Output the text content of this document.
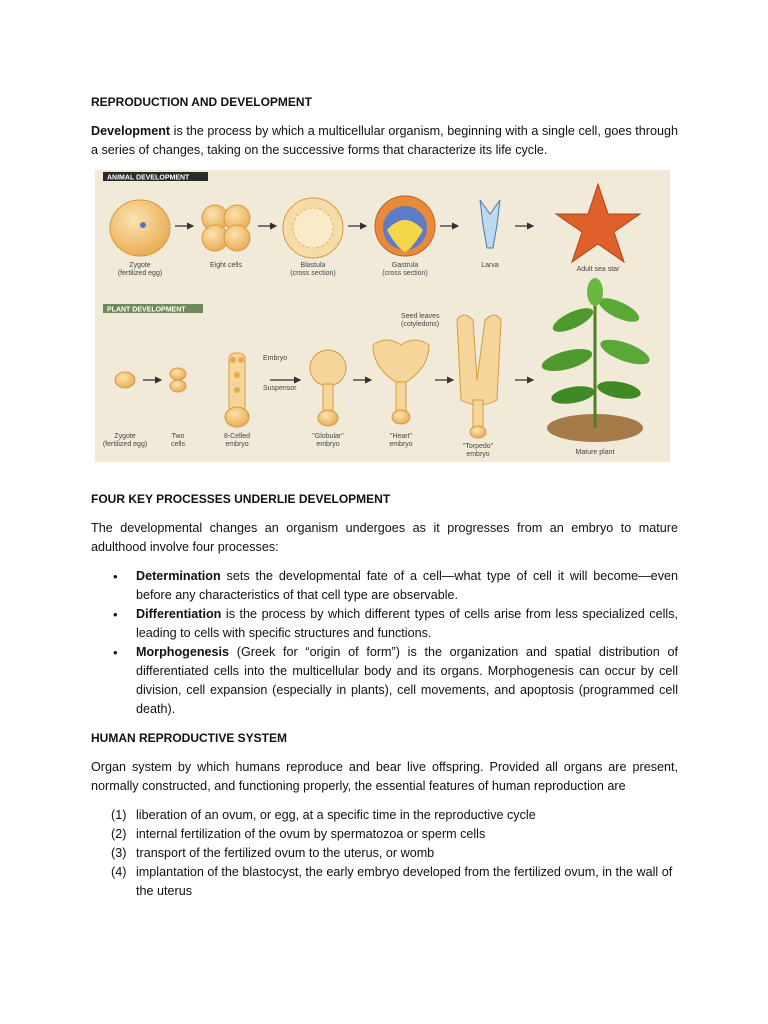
REPRODUCTION AND DEVELOPMENT
Development is the process by which a multicellular organism, beginning with a single cell, goes through a series of changes, taking on the successive forms that characterize its life cycle.
ANIMAL DEVELOPMENT
Zygote
(fertilized egg)
Eight cells	Blastula
(cross section)
Gastrula
(cross section)
Larva
Adult sea star
PLANT DEVELOPMENT
Embryo
Suspensor
Seed leaves
(cotyledons)
Zygote
(fertilized egg)
Two
cells
8-Celled
embryo
"Globular"
embryo
"Heart"
embryo	"Torpedo"
embryo	Mature plant
FOUR KEY PROCESSES UNDERLIE DEVELOPMENT
The developmental changes an organism undergoes as it progresses from an embryo to mature adulthood involve four processes:
• Determination sets the developmental fate of a cell—what type of cell it will become—even before any characteristics of that cell type are observable.
• Differentiation is the process by which different types of cells arise from less specialized cells, leading to cells with specific structures and functions.
• Morphogenesis (Greek for “origin of form”) is the organization and spatial distribution of differentiated cells into the multicellular body and its organs. Morphogenesis can occur by cell division, cell expansion (especially in plants), cell movements, and apoptosis (programmed cell death).
HUMAN REPRODUCTIVE SYSTEM
Organ system by which humans reproduce and bear live offspring. Provided all organs are present, normally constructed, and functioning properly, the essential features of human reproduction are
(1) liberation of an ovum, or egg, at a specific time in the reproductive cycle
(2) internal fertilization of the ovum by spermatozoa or sperm cells
(3) transport of the fertilized ovum to the uterus, or womb
(4) implantation of the blastocyst, the early embryo developed from the fertilized ovum, in the wall of the uterus
